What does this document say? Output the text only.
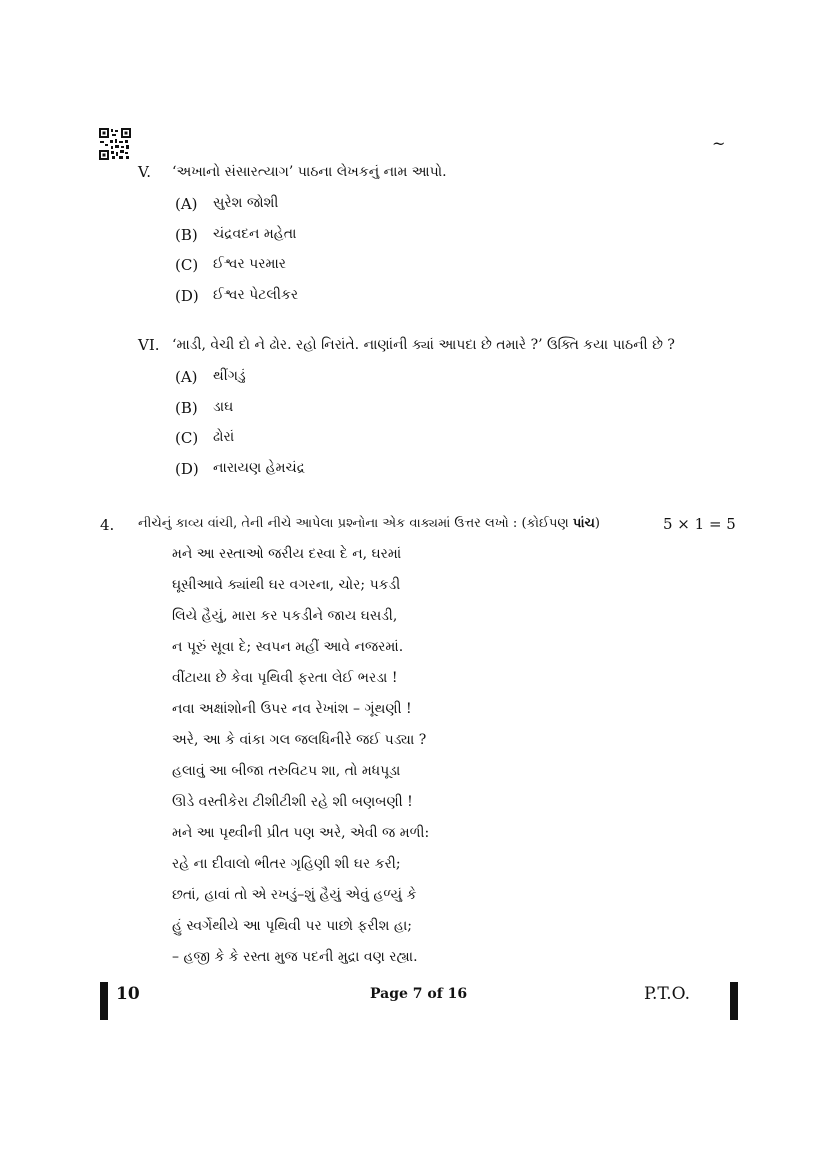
~
V. ‘અખાનો સંસારત્યાગ’ પાઠના લેખકનું નામ આપો.
(A) સુરેશ જોશી
(B) ચંદ્રવદન મહેતા
(C) ઈશ્વર પરમાર
(D) ઈશ્વર પેટલીકર
VI. ‘માડી, વેચી દો ને ઢોર. રહો નિરાંતે. નાણાંની ક્યાં આપદા છે તમારે ?’ ઉક્તિ કયા પાઠની છે ?
(A) થીંગડું
(B) ડાઘ
(C) ઢોરાં
(D) નારાયણ હેમચંદ્ર
4. નીચેનું કાવ્ય વાંચી, તેની નીચે આપેલા પ્રશ્નોના એક વાક્યમાં ઉત્તર લખો : (કોઈપણ પાંચ)	5 × 1 = 5
મને આ રસ્તાઓ જરીય દસ્વા દે ન, ઘરમાં
ઘૂસીઆવે ક્યાંથી ઘર વગરના, ચોર; પકડી
લિયે હૈયું, મારા કર પકડીને જાય ઘસડી,
ન પૂરું સૂવા દે; સ્વપન મહીં આવે નજરમાં.
વીંટાયા છે કેવા પૃથિવી ફરતા લેઈ ભરડા !
નવા અક્ષાંશોની ઉપર નવ રેખાંશ – ગૂંથણી !
અરે, આ કે વાંકા ગલ જલધિનીરે જઈ પડ્યા ?
હલાવું આ બીજા તરુવિટપ શા, તો મધપૂડા
ઊડે વસ્તીકેરા ટીશીટીશી રહે શી બણબણી !
મને આ પૃથ્વીની પ્રીત પણ અરે, એવી જ મળી:
રહે ના દીવાલો ભીતર ગૃહિણી શી ઘર કરી;
છતાં, હાવાં તો એ રખડું–શું હૈયું એવું હળ્યું કે
હું સ્વર્ગેથીયે આ પૃથિવી પર પાછો ફરીશ હા;
– હજી કે કે રસ્તા મુજ પદની મુદ્રા વણ રહ્યા.
10	Page 7 of 16	P.T.O.
